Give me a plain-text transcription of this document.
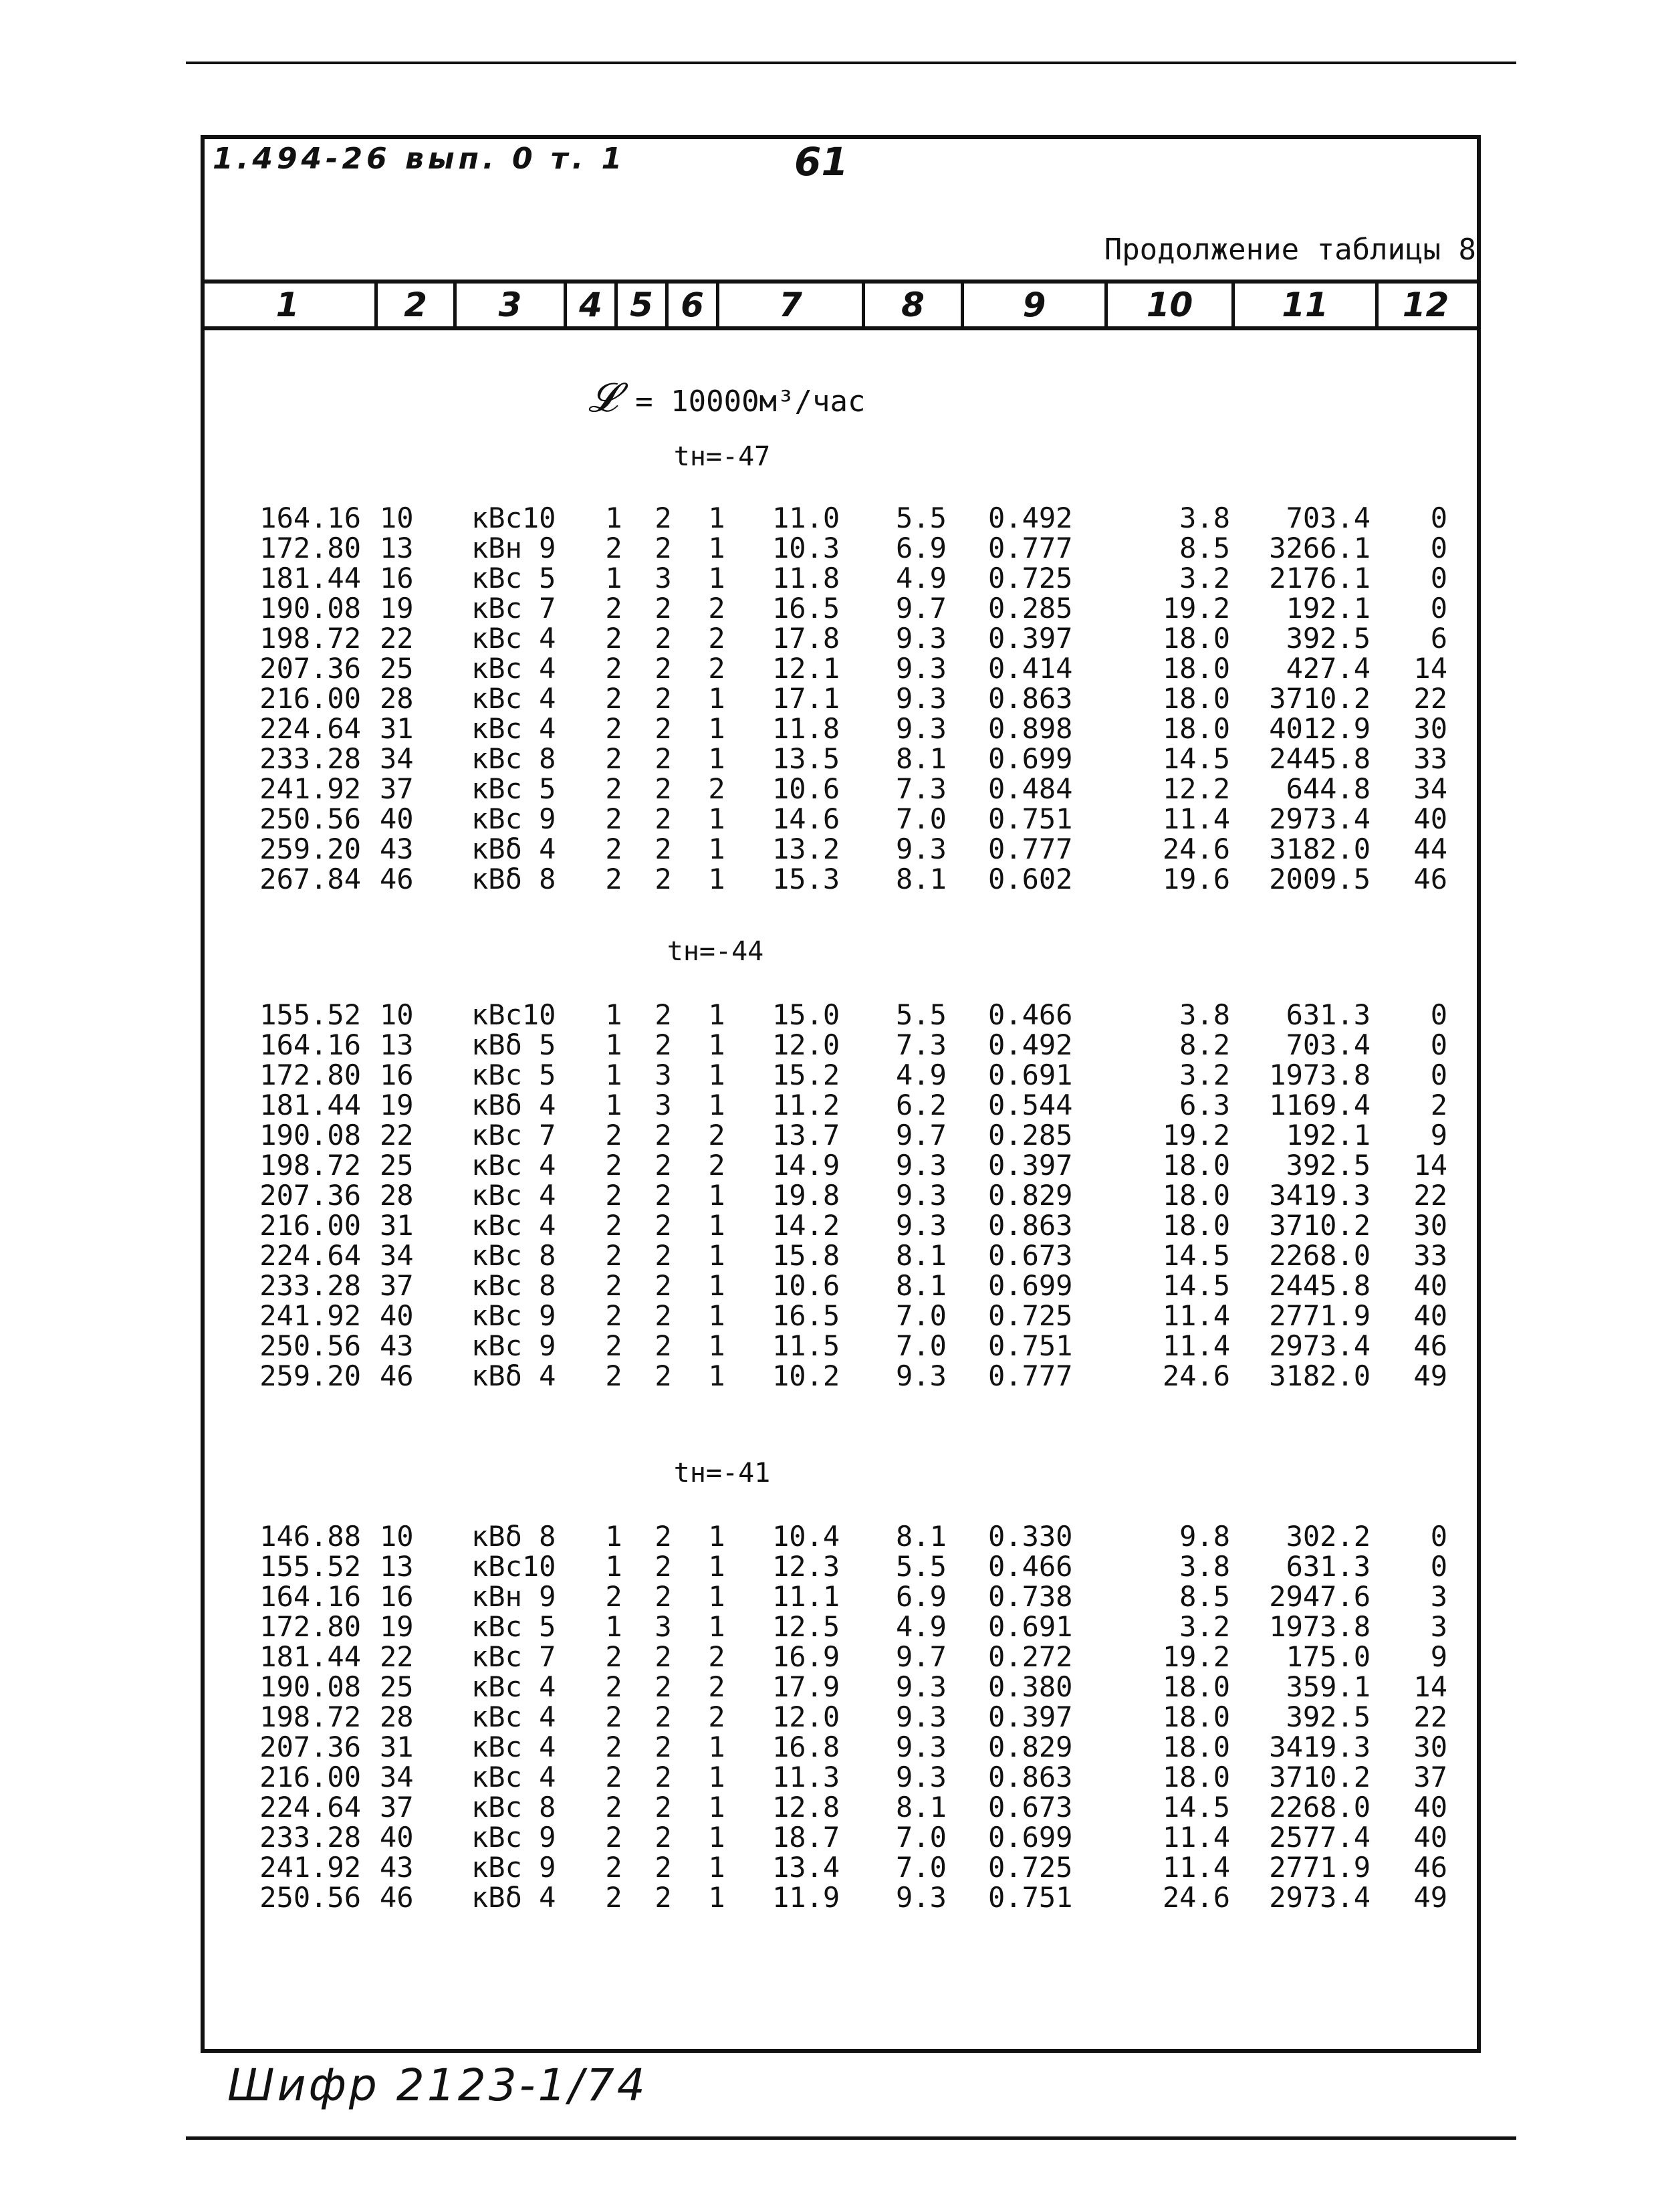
1.494-26 вып. 0 т. 1	61
Продолжение таблицы 8
1	2	3	4 5 6	7	8	9	10	11	12
𝓛 = 10000м³/час
tн=-47
164.16 10	кВс10	1 2 1 11.0	5.5	0.492	3.8	703.4	0
172.80 13	кВн 9	2 2 1 10.3	6.9	0.777	8.5	3266.1	0
181.44 16	кВс 5	1 3 1 11.8	4.9	0.725	3.2	2176.1	0
190.08 19	кВс 7	2 2 2 16.5	9.7	0.285	19.2	192.1	0
198.72 22	кВс 4	2 2 2 17.8	9.3	0.397	18.0	392.5	6
207.36 25	кВс 4	2 2 2 12.1	9.3	0.414	18.0	427.4	14
216.00 28	кВс 4	2 2 1 17.1	9.3	0.863	18.0	3710.2	22
224.64 31	кВс 4	2 2 1 11.8	9.3	0.898	18.0	4012.9	30
233.28 34	кВс 8	2 2 1 13.5	8.1	0.699	14.5	2445.8	33
241.92 37	кВс 5	2 2 2 10.6	7.3	0.484	12.2	644.8	34
250.56 40	кВс 9	2 2 1 14.6	7.0	0.751	11.4	2973.4	40
259.20 43	кВδ 4	2 2 1 13.2	9.3	0.777	24.6	3182.0	44
267.84 46	кВδ 8	2 2 1 15.3	8.1	0.602	19.6	2009.5	46
tн=-44
155.52 10	кВс10	1 2 1 15.0	5.5	0.466	3.8	631.3	0
164.16 13	кВδ 5	1 2 1 12.0	7.3	0.492	8.2	703.4	0
172.80 16	кВс 5	1 3 1 15.2	4.9	0.691	3.2	1973.8	0
181.44 19	кВδ 4	1 3 1 11.2	6.2	0.544	6.3	1169.4	2
190.08 22	кВс 7	2 2 2 13.7	9.7	0.285	19.2	192.1	9
198.72 25	кВс 4	2 2 2 14.9	9.3	0.397	18.0	392.5	14
207.36 28	кВс 4	2 2 1 19.8	9.3	0.829	18.0	3419.3	22
216.00 31	кВс 4	2 2 1 14.2	9.3	0.863	18.0	3710.2	30
224.64 34	кВс 8	2 2 1 15.8	8.1	0.673	14.5	2268.0	33
233.28 37	кВс 8	2 2 1 10.6	8.1	0.699	14.5	2445.8	40
241.92 40	кВс 9	2 2 1 16.5	7.0	0.725	11.4	2771.9	40
250.56 43	кВс 9	2 2 1 11.5	7.0	0.751	11.4	2973.4	46
259.20 46	кВδ 4	2 2 1 10.2	9.3	0.777	24.6	3182.0	49
tн=-41
146.88 10	кВδ 8	1 2 1 10.4	8.1	0.330	9.8	302.2	0
155.52 13	кВс10	1 2 1 12.3	5.5	0.466	3.8	631.3	0
164.16 16	кВн 9	2 2 1 11.1	6.9	0.738	8.5	2947.6	3
172.80 19	кВс 5	1 3 1 12.5	4.9	0.691	3.2	1973.8	3
181.44 22	кВс 7	2 2 2 16.9	9.7	0.272	19.2	175.0	9
190.08 25	кВс 4	2 2 2 17.9	9.3	0.380	18.0	359.1	14
198.72 28	кВс 4	2 2 2 12.0	9.3	0.397	18.0	392.5	22
207.36 31	кВс 4	2 2 1 16.8	9.3	0.829	18.0	3419.3	30
216.00 34	кВс 4	2 2 1 11.3	9.3	0.863	18.0	3710.2	37
224.64 37	кВс 8	2 2 1 12.8	8.1	0.673	14.5	2268.0	40
233.28 40	кВс 9	2 2 1 18.7	7.0	0.699	11.4	2577.4	40
241.92 43	кВс 9	2 2 1 13.4	7.0	0.725	11.4	2771.9	46
250.56 46	кВδ 4	2 2 1 11.9	9.3	0.751	24.6	2973.4	49
Шифр 2123-1/74
